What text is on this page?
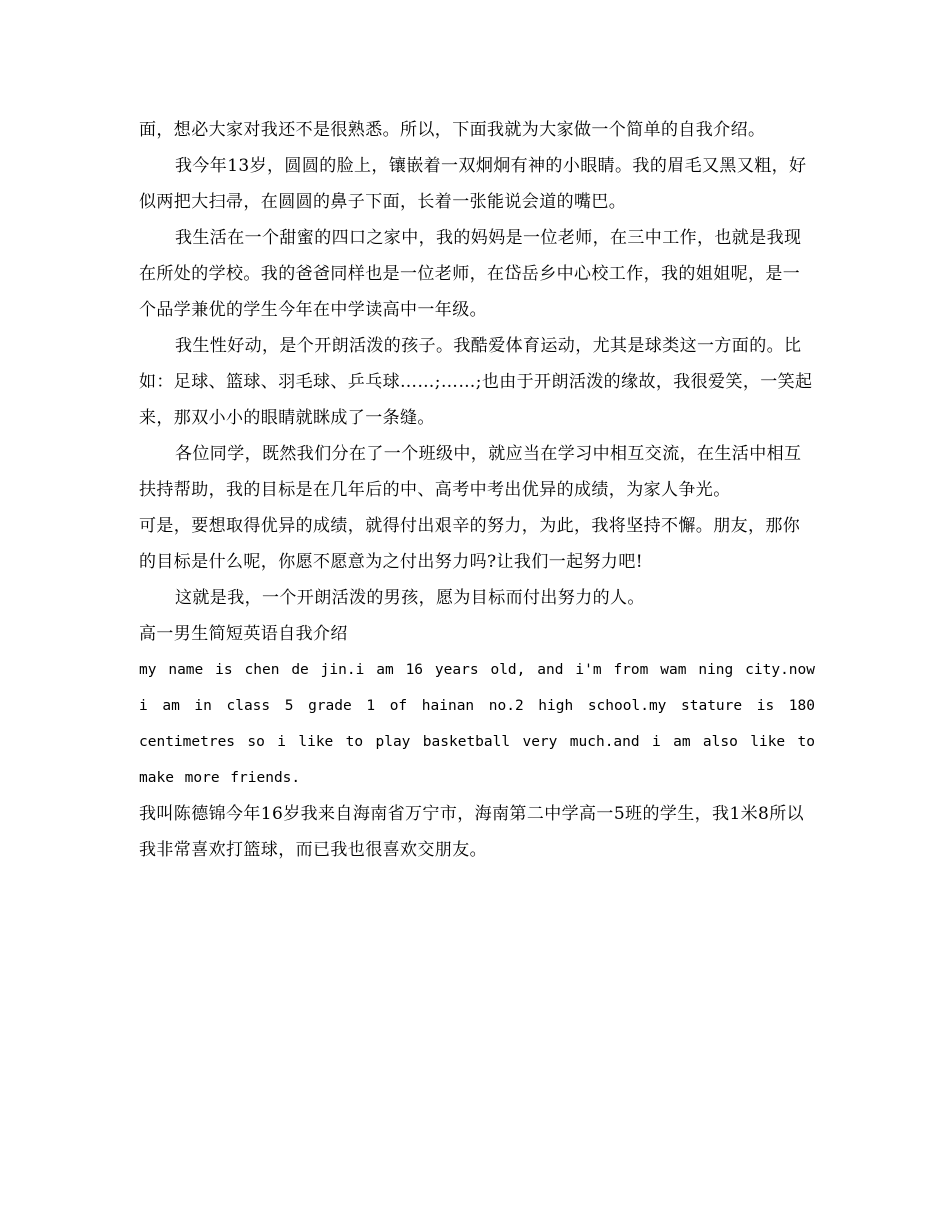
面，想必大家对我还不是很熟悉。所以，下面我就为大家做一个简单的自我介绍。

我今年13岁，圆圆的脸上，镶嵌着一双炯炯有神的小眼睛。我的眉毛又黑又粗，好似两把大扫帚，在圆圆的鼻子下面，长着一张能说会道的嘴巴。

我生活在一个甜蜜的四口之家中，我的妈妈是一位老师，在三中工作，也就是我现在所处的学校。我的爸爸同样也是一位老师，在岱岳乡中心校工作，我的姐姐呢，是一个品学兼优的学生今年在中学读高中一年级。

我生性好动，是个开朗活泼的孩子。我酷爱体育运动，尤其是球类这一方面的。比如：足球、篮球、羽毛球、乒乓球……;……;也由于开朗活泼的缘故，我很爱笑，一笑起来，那双小小的眼睛就眯成了一条缝。

各位同学，既然我们分在了一个班级中，就应当在学习中相互交流，在生活中相互扶持帮助，我的目标是在几年后的中、高考中考出优异的成绩，为家人争光。

可是，要想取得优异的成绩，就得付出艰辛的努力，为此，我将坚持不懈。朋友，那你的目标是什么呢，你愿不愿意为之付出努力吗?让我们一起努力吧!

这就是我，一个开朗活泼的男孩，愿为目标而付出努力的人。

高一男生简短英语自我介绍

my name is chen de jin.i am 16 years old, and i'm from wam ning city.now i am in class 5 grade 1 of hainan no.2 high school.my stature is 180 centimetres so i like to play basketball very much.and i am also like to make more friends.

我叫陈德锦今年16岁我来自海南省万宁市，海南第二中学高一5班的学生，我1米8所以我非常喜欢打篮球，而已我也很喜欢交朋友。
